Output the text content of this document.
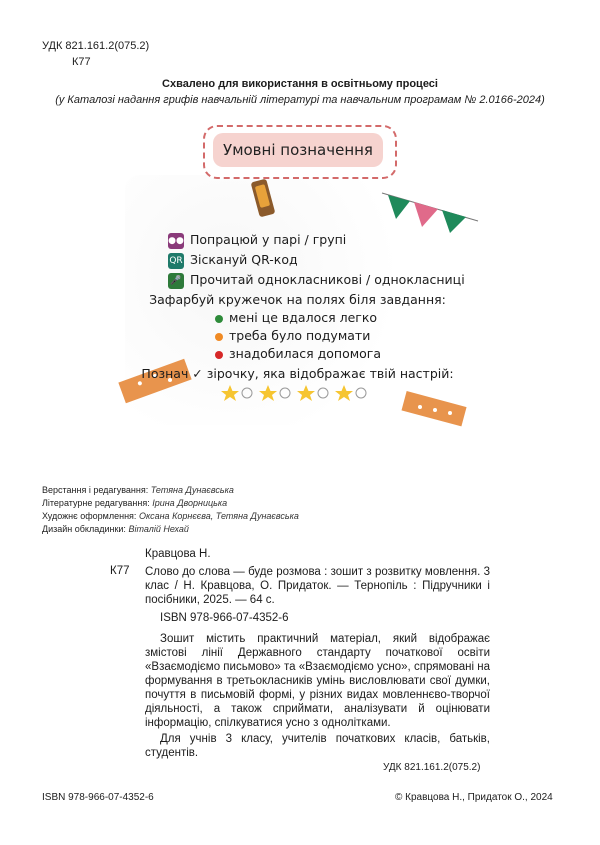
УДК 821.161.2(075.2)
К77
Схвалено для використання в освітньому процесі
(у Каталозі надання грифів навчальній літературі та навчальним програмам № 2.0166-2024)
Умовні позначення
●● Попрацюй у парі / групі
QR Зіскануй QR-код
🎤 Прочитай однокласникові / однокласниці
Зафарбуй кружечок на полях біля завдання:
мені це вдалося легко
треба було подумати
знадобилася допомога
Познач ✓ зірочку, яка відображає твій настрій:
Верстання і редагування: Тетяна Дунаєвська
Літературне редагування: Ірина Дворницька
Художнє оформлення: Оксана Корнєєва, Тетяна Дунаєвська
Дизайн обкладинки: Віталій Нехай
Кравцова Н.
К77 Слово до слова — буде розмова : зошит з розвитку мовлення. 3 клас / Н. Кравцова, О. Придаток. — Тернопіль : Підручники і посібники, 2025. — 64 с.
ISBN 978-966-07-4352-6
Зошит містить практичний матеріал, який відображає змістові лінії Державного стандарту початкової освіти «Взаємодіємо письмово» та «Взаємодіємо усно», спрямовані на формування в третьокласників умінь висловлювати свої думки, почуття в письмовій формі, у різних видах мовленнєво-творчої діяльності, а також сприймати, аналізувати й оцінювати інформацію, спілкуватися усно з однолітками.
Для учнів 3 класу, учителів початкових класів, батьків, студентів.
УДК 821.161.2(075.2)
ISBN 978-966-07-4352-6	© Кравцова Н., Придаток О., 2024
